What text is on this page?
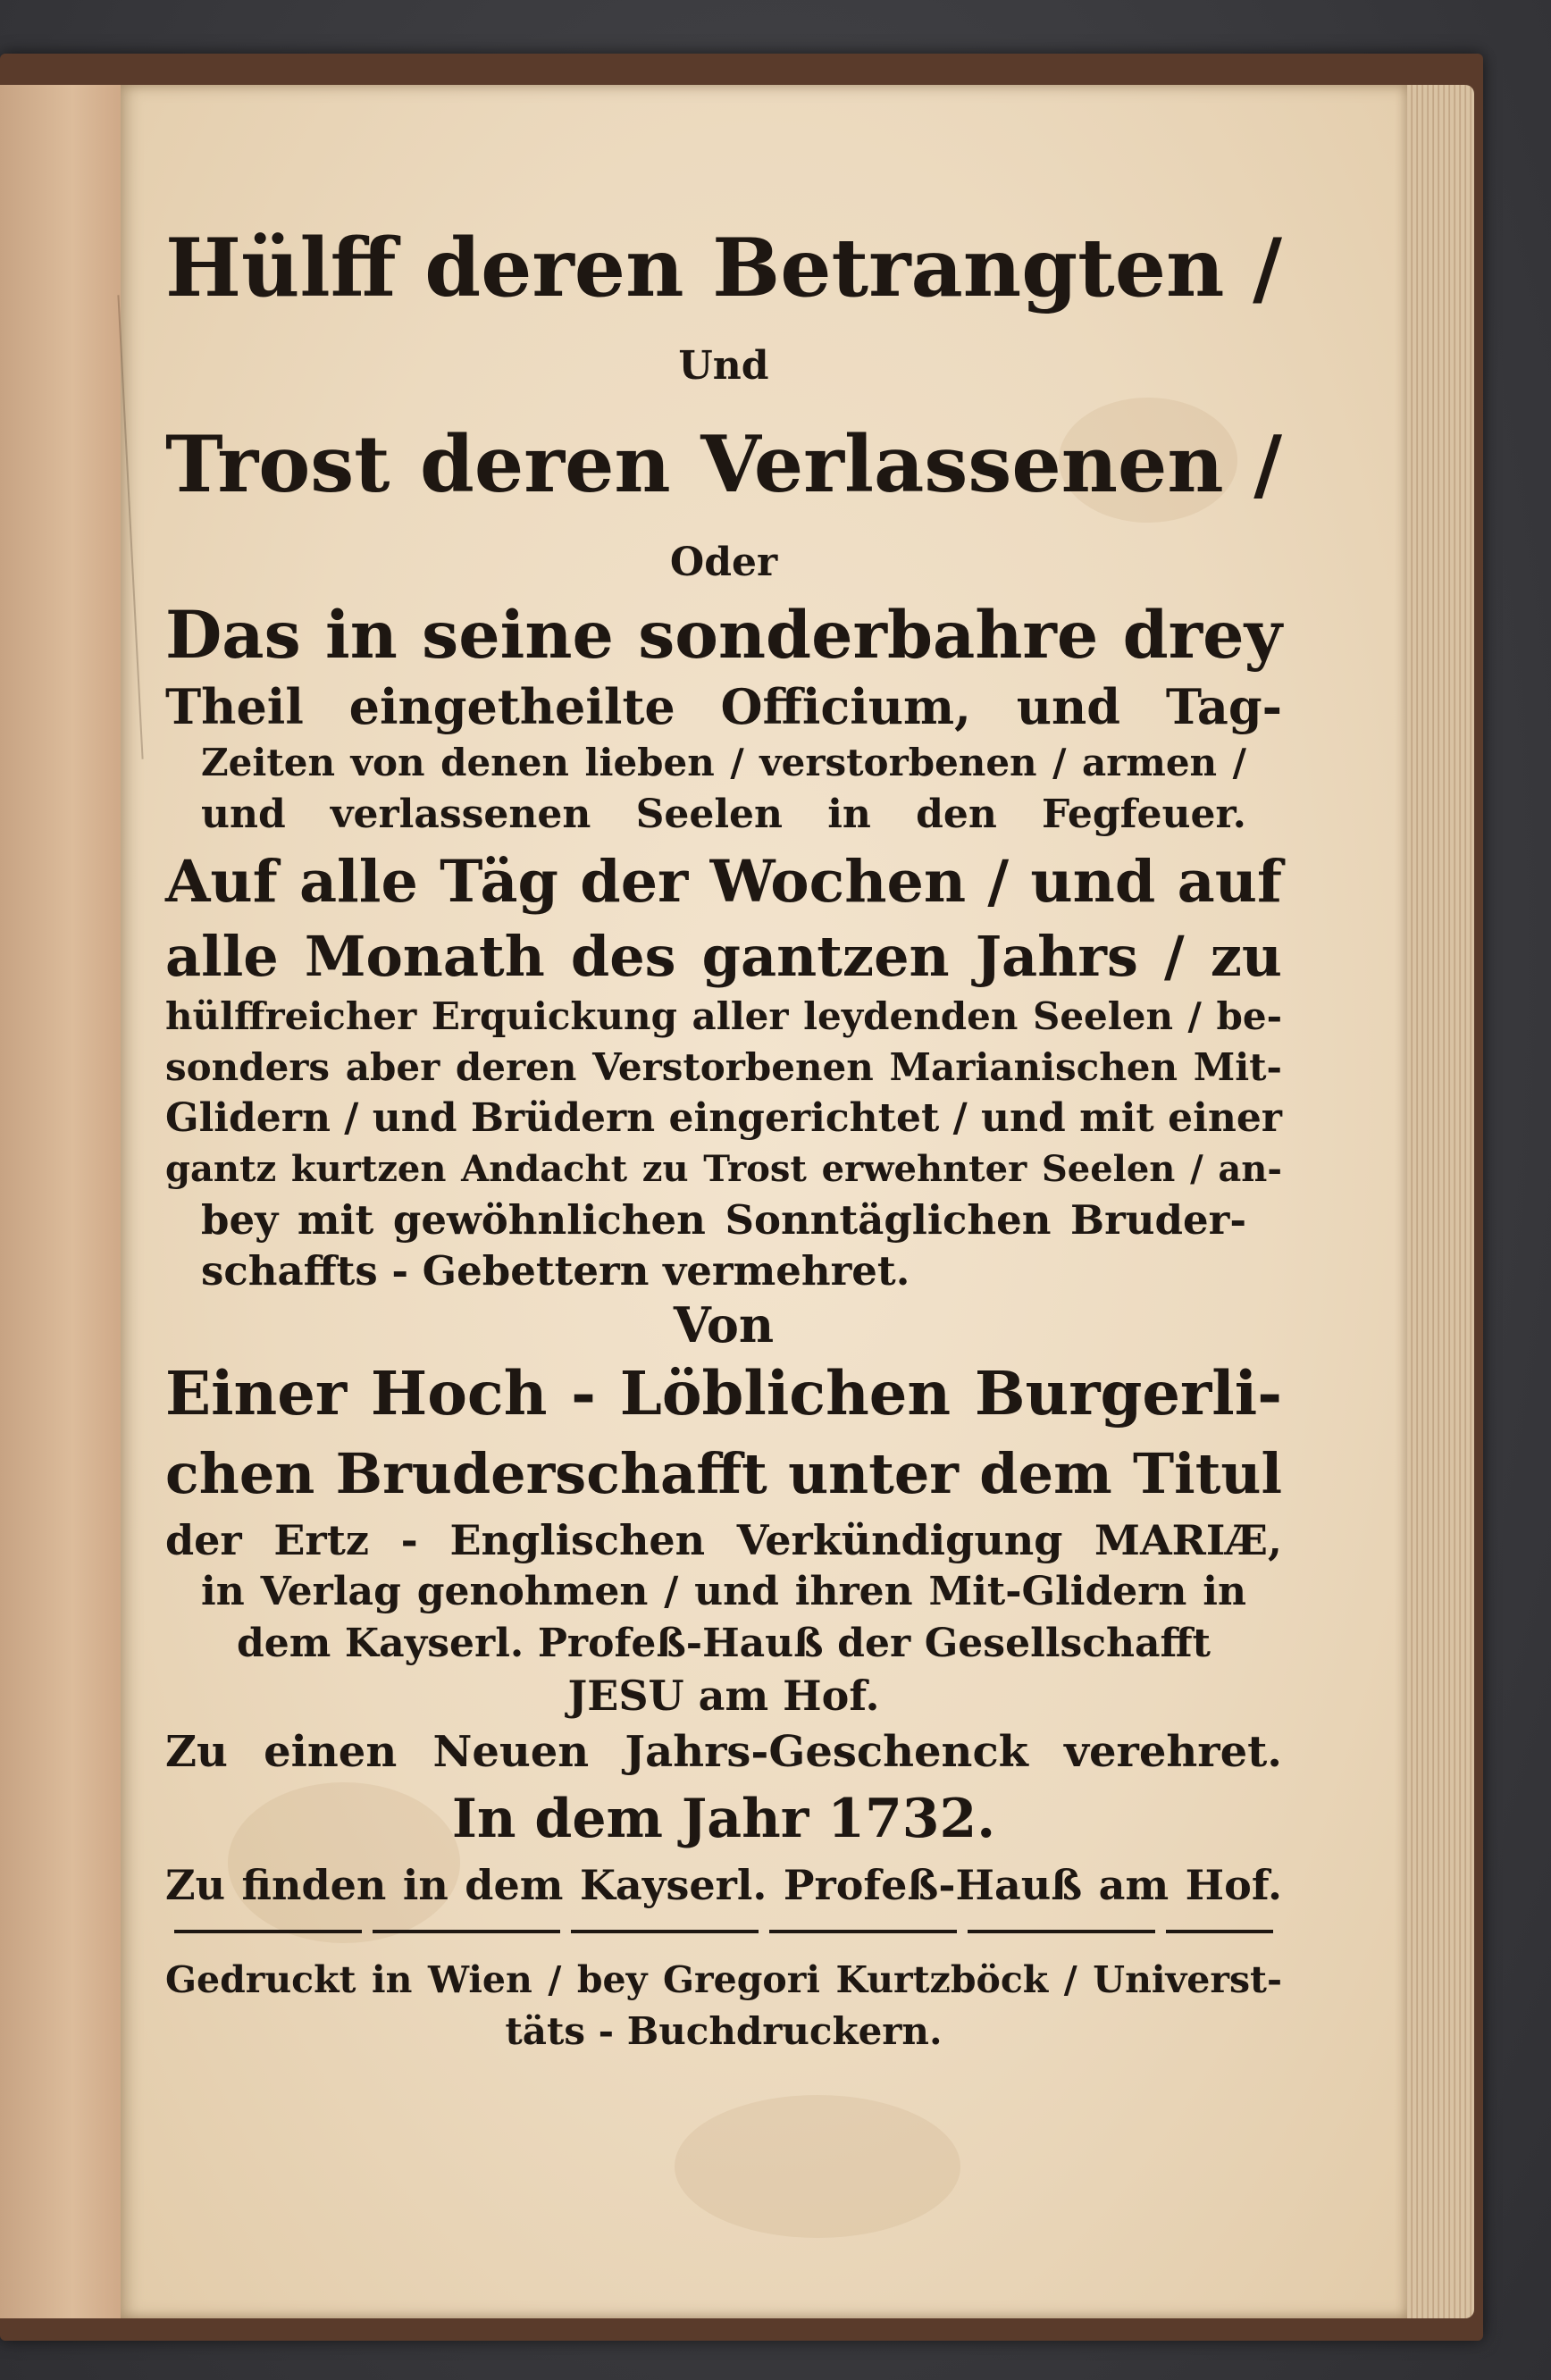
Hülff deren Betrangten /
Und
Trost deren Verlassenen /
Oder
Das in seine sonderbahre drey
Theil eingetheilte Officium, und Tag-
Zeiten von denen lieben / verstorbenen / armen /
und verlassenen Seelen in den Fegfeuer.
Auf alle Täg der Wochen / und auf
alle Monath des gantzen Jahrs / zu
hülffreicher Erquickung aller leydenden Seelen / be-
sonders aber deren Verstorbenen Marianischen Mit-
Glidern / und Brüdern eingerichtet / und mit einer
gantz kurtzen Andacht zu Trost erwehnter Seelen / an-
bey mit gewöhnlichen Sonntäglichen Bruder-
schaffts - Gebettern vermehret.
Von
Einer Hoch - Löblichen Burgerli-
chen Bruderschafft unter dem Titul
der Ertz - Englischen Verkündigung MARIÆ,
in Verlag genohmen / und ihren Mit-Glidern in
dem Kayserl. Profeß-Hauß der Gesellschafft
JESU am Hof.
Zu einen Neuen Jahrs-Geschenck verehret.
In dem Jahr 1732.
Zu finden in dem Kayserl. Profeß-Hauß am Hof.
Gedruckt in Wien / bey Gregori Kurtzböck / Universt-
täts - Buchdruckern.
